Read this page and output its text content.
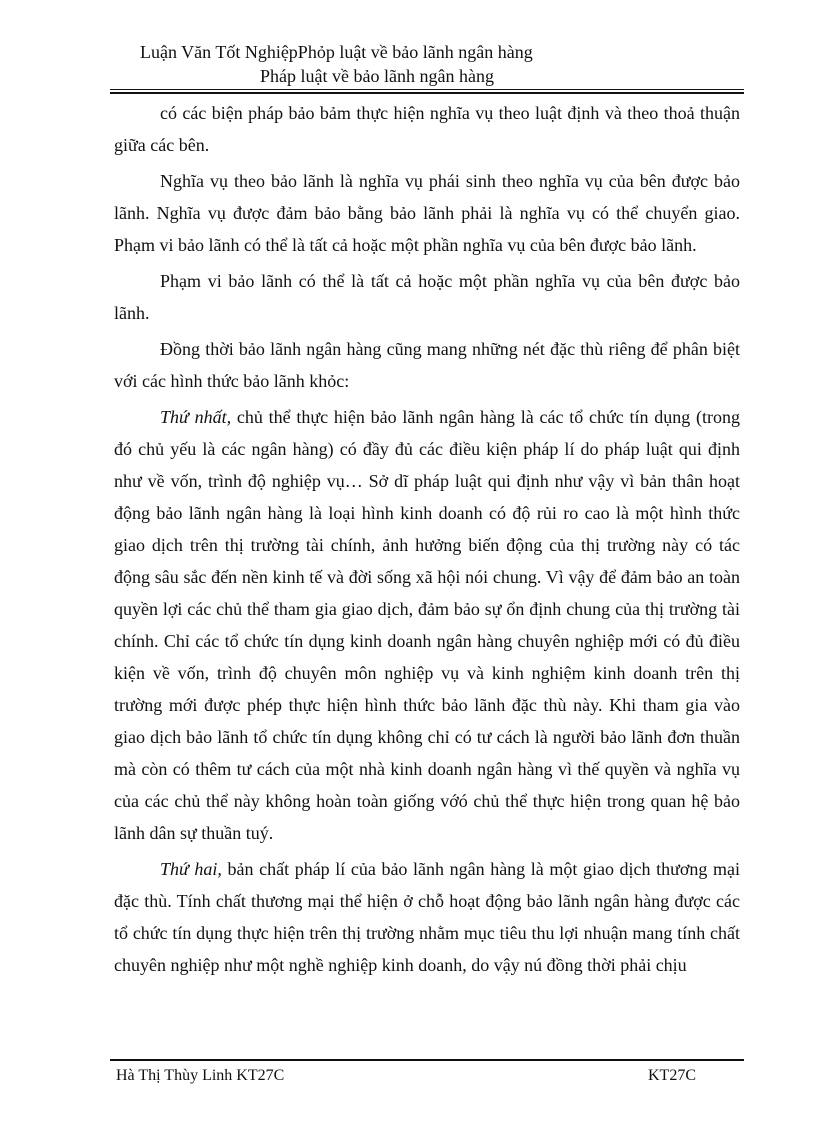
Luận Văn Tốt NghiệpPhỏp luật về bảo lãnh ngân hàng
Pháp luật về bảo lãnh ngân hàng

có các biện pháp bảo bảm thực hiện nghĩa vụ theo luật định và theo thoả thuận giữa các bên.

Nghĩa vụ theo bảo lãnh là nghĩa vụ phái sinh theo nghĩa vụ của bên được bảo lãnh. Nghĩa vụ được đảm bảo bằng bảo lãnh phải là nghĩa vụ có thể chuyển giao. Phạm vi bảo lãnh có thể là tất cả hoặc một phần nghĩa vụ của bên được bảo lãnh.

Phạm vi bảo lãnh có thể là tất cả hoặc một phần nghĩa vụ của bên được bảo lãnh.

Đồng thời bảo lãnh ngân hàng cũng mang những nét đặc thù riêng để phân biệt với các hình thức bảo lãnh khỏc:

Thứ nhất, chủ thể thực hiện bảo lãnh ngân hàng là các tổ chức tín dụng (trong đó chủ yếu là các ngân hàng) có đầy đủ các điều kiện pháp lí do pháp luật qui định như về vốn, trình độ nghiệp vụ… Sở dĩ pháp luật qui định như vậy vì bản thân hoạt động bảo lãnh ngân hàng là loại hình kinh doanh có độ rủi ro cao là một hình thức giao dịch trên thị trường tài chính, ảnh hưởng biến động của thị trường này có tác động sâu sắc đến nền kinh tế và đời sống xã hội nói chung. Vì vậy để đảm bảo an toàn quyền lợi các chủ thể tham gia giao dịch, đảm bảo sự ổn định chung của thị trường tài chính. Chỉ các tổ chức tín dụng kinh doanh ngân hàng chuyên nghiệp mới có đủ điều kiện về vốn, trình độ chuyên môn nghiệp vụ và kinh nghiệm kinh doanh trên thị trường mới được phép thực hiện hình thức bảo lãnh đặc thù này. Khi tham gia vào giao dịch bảo lãnh tổ chức tín dụng không chỉ có tư cách là người bảo lãnh đơn thuần mà còn có thêm tư cách của một nhà kinh doanh ngân hàng vì thế quyền và nghĩa vụ của các chủ thể này không hoàn toàn giống vớó chủ thể thực hiện trong quan hệ bảo lãnh dân sự thuần tuý.

Thứ hai, bản chất pháp lí của bảo lãnh ngân hàng là một giao dịch thương mại đặc thù. Tính chất thương mại thể hiện ở chỗ hoạt động bảo lãnh ngân hàng được các tổ chức tín dụng thực hiện trên thị trường nhằm mục tiêu thu lợi nhuận mang tính chất chuyên nghiệp như một nghề nghiệp kinh doanh, do vậy nú đồng thời phải chịu

Hà Thị Thùy Linh KT27C	KT27C
